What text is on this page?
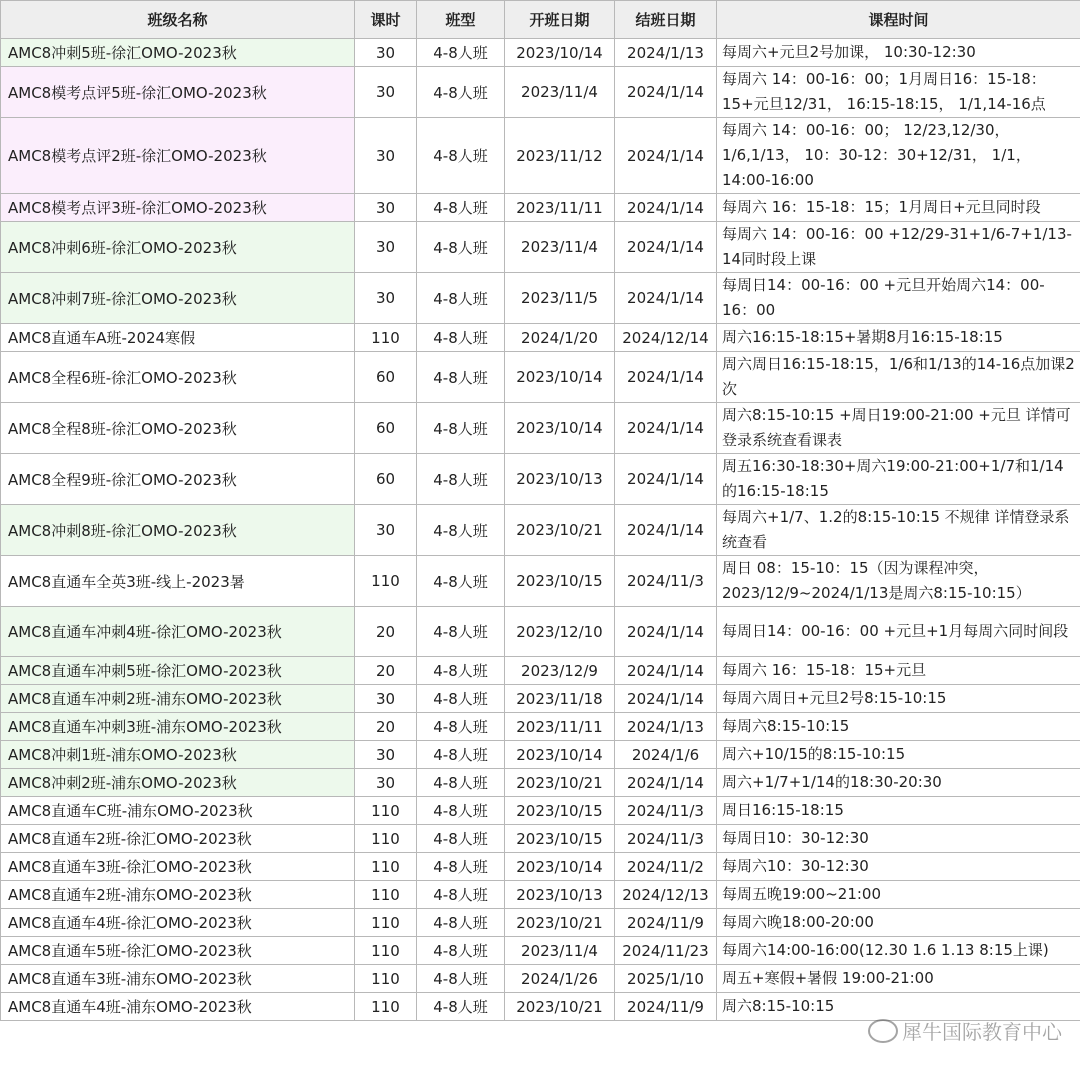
班级名称	课时	班型	开班日期	结班日期	课程时间
AMC8冲刺5班-徐汇OMO-2023秋	30	4-8人班	2023/10/14	2024/1/13	每周六+元旦2号加课， 10:30-12:30
AMC8模考点评5班-徐汇OMO-2023秋	30	4-8人班	2023/11/4	2024/1/14	每周六 14：00-16：00；1月周日16：15-18：15+元旦12/31， 16:15-18:15， 1/1,14-16点
AMC8模考点评2班-徐汇OMO-2023秋	30	4-8人班	2023/11/12	2024/1/14	每周六 14：00-16：00； 12/23,12/30，1/6,1/13， 10：30-12：30+12/31， 1/1，14:00-16:00
AMC8模考点评3班-徐汇OMO-2023秋	30	4-8人班	2023/11/11	2024/1/14	每周六 16：15-18：15；1月周日+元旦同时段
AMC8冲刺6班-徐汇OMO-2023秋	30	4-8人班	2023/11/4	2024/1/14	每周六 14：00-16：00 +12/29-31+1/6-7+1/13-14同时段上课
AMC8冲刺7班-徐汇OMO-2023秋	30	4-8人班	2023/11/5	2024/1/14	每周日14：00-16：00 +元旦开始周六14：00-16：00
AMC8直通车A班-2024寒假	110	4-8人班	2024/1/20	2024/12/14	周六16:15-18:15+暑期8月16:15-18:15
AMC8全程6班-徐汇OMO-2023秋	60	4-8人班	2023/10/14	2024/1/14	周六周日16:15-18:15，1/6和1/13的14-16点加课2次
AMC8全程8班-徐汇OMO-2023秋	60	4-8人班	2023/10/14	2024/1/14	周六8:15-10:15 +周日19:00-21:00 +元旦 详情可登录系统查看课表
AMC8全程9班-徐汇OMO-2023秋	60	4-8人班	2023/10/13	2024/1/14	周五16:30-18:30+周六19:00-21:00+1/7和1/14的16:15-18:15
AMC8冲刺8班-徐汇OMO-2023秋	30	4-8人班	2023/10/21	2024/1/14	每周六+1/7、1.2的8:15-10:15 不规律 详情登录系统查看
AMC8直通车全英3班-线上-2023暑	110	4-8人班	2023/10/15	2024/11/3	周日 08：15-10：15（因为课程冲突，2023/12/9~2024/1/13是周六8:15-10:15）
AMC8直通车冲刺4班-徐汇OMO-2023秋	20	4-8人班	2023/12/10	2024/1/14	每周日14：00-16：00 +元旦+1月每周六同时间段
AMC8直通车冲刺5班-徐汇OMO-2023秋	20	4-8人班	2023/12/9	2024/1/14	每周六 16：15-18：15+元旦
AMC8直通车冲刺2班-浦东OMO-2023秋	30	4-8人班	2023/11/18	2024/1/14	每周六周日+元旦2号8:15-10:15
AMC8直通车冲刺3班-浦东OMO-2023秋	20	4-8人班	2023/11/11	2024/1/13	每周六8:15-10:15
AMC8冲刺1班-浦东OMO-2023秋	30	4-8人班	2023/10/14	2024/1/6	周六+10/15的8:15-10:15
AMC8冲刺2班-浦东OMO-2023秋	30	4-8人班	2023/10/21	2024/1/14	周六+1/7+1/14的18:30-20:30
AMC8直通车C班-浦东OMO-2023秋	110	4-8人班	2023/10/15	2024/11/3	周日16:15-18:15
AMC8直通车2班-徐汇OMO-2023秋	110	4-8人班	2023/10/15	2024/11/3	每周日10：30-12:30
AMC8直通车3班-徐汇OMO-2023秋	110	4-8人班	2023/10/14	2024/11/2	每周六10：30-12:30
AMC8直通车2班-浦东OMO-2023秋	110	4-8人班	2023/10/13	2024/12/13	每周五晚19:00~21:00
AMC8直通车4班-徐汇OMO-2023秋	110	4-8人班	2023/10/21	2024/11/9	每周六晚18:00-20:00
AMC8直通车5班-徐汇OMO-2023秋	110	4-8人班	2023/11/4	2024/11/23	每周六14:00-16:00(12.30 1.6 1.13 8:15上课)
AMC8直通车3班-浦东OMO-2023秋	110	4-8人班	2024/1/26	2025/1/10	周五+寒假+暑假 19:00-21:00
AMC8直通车4班-浦东OMO-2023秋	110	4-8人班	2023/10/21	2024/11/9	周六8:15-10:15
犀牛国际教育中心
